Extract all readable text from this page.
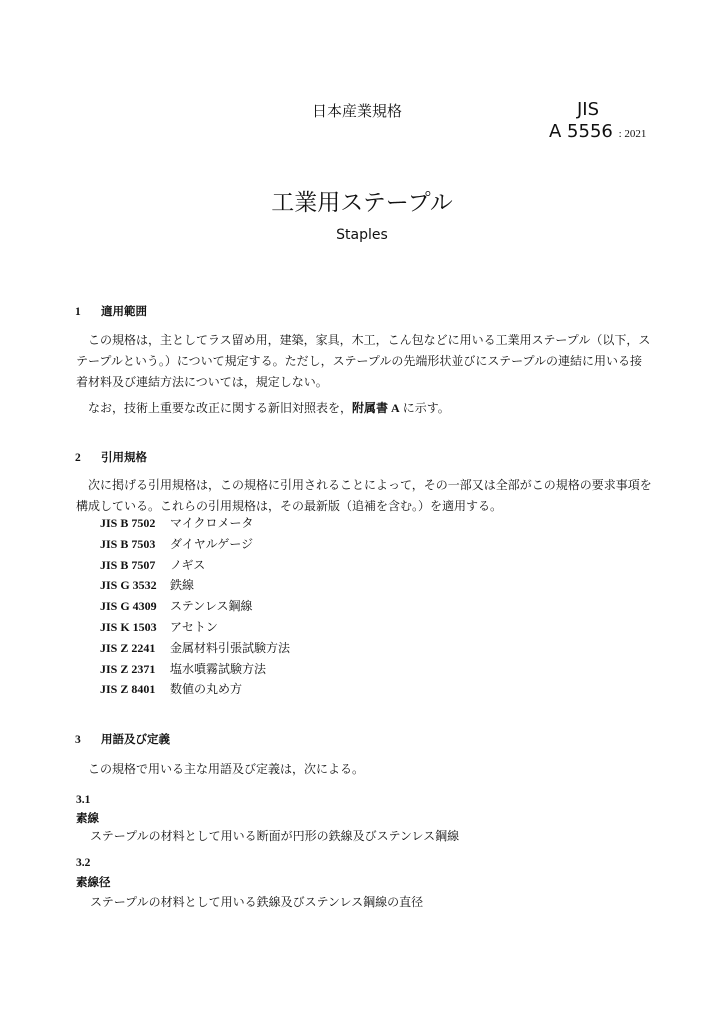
日本産業規格	JIS
A 5556 : 2021
工業用ステープル
Staples
1 適用範囲
この規格は，主としてラス留め用，建築，家具，木工，こん包などに用いる工業用ステープル（以下，ステープルという。）について規定する。ただし，ステープルの先端形状並びにステープルの連結に用いる接着材料及び連結方法については，規定しない。
なお，技術上重要な改正に関する新旧対照表を，附属書 A に示す。
2 引用規格
次に掲げる引用規格は，この規格に引用されることによって，その一部又は全部がこの規格の要求事項を構成している。これらの引用規格は，その最新版（追補を含む。）を適用する。
JIS B 7502 マイクロメータ
JIS B 7503 ダイヤルゲージ
JIS B 7507 ノギス
JIS G 3532 鉄線
JIS G 4309 ステンレス鋼線
JIS K 1503 アセトン
JIS Z 2241 金属材料引張試験方法
JIS Z 2371 塩水噴霧試験方法
JIS Z 8401 数値の丸め方
3 用語及び定義
この規格で用いる主な用語及び定義は，次による。
3.1
素線
ステープルの材料として用いる断面が円形の鉄線及びステンレス鋼線
3.2
素線径
ステープルの材料として用いる鉄線及びステンレス鋼線の直径
